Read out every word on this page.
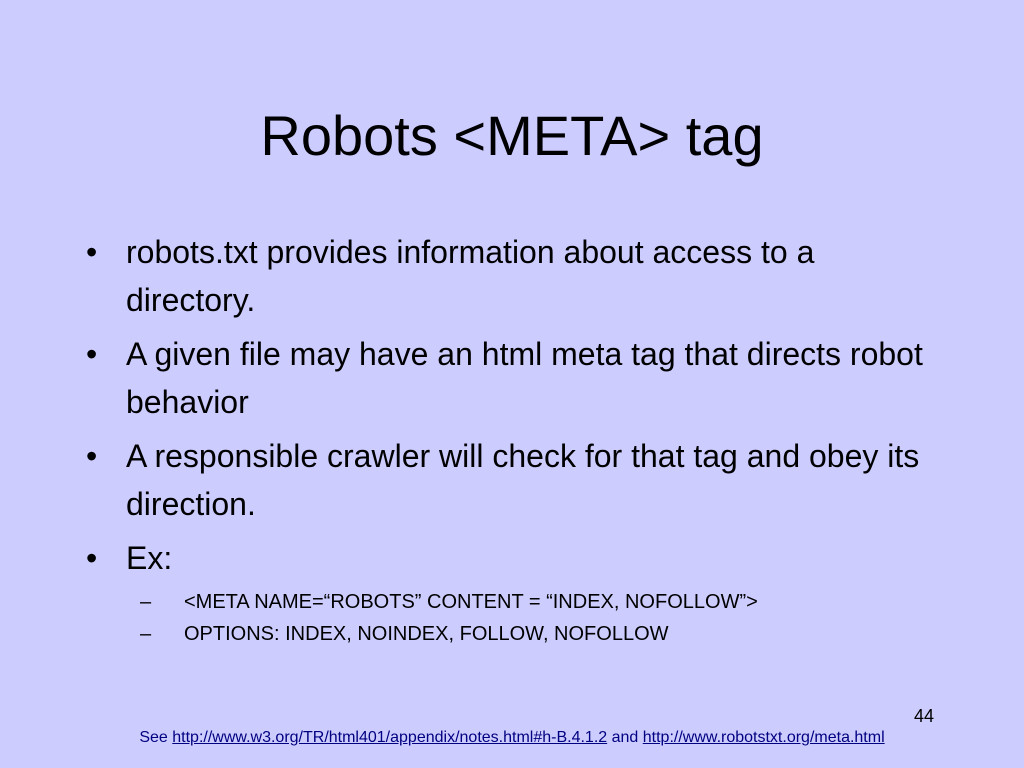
Robots <META> tag
• robots.txt provides information about access to a directory.
• A given file may have an html meta tag that directs robot behavior
• A responsible crawler will check for that tag and obey its direction.
• Ex:
– <META NAME=“ROBOTS” CONTENT = “INDEX, NOFOLLOW”>
– OPTIONS: INDEX, NOINDEX, FOLLOW, NOFOLLOW
44
See http://www.w3.org/TR/html401/appendix/notes.html#h-B.4.1.2 and http://www.robotstxt.org/meta.html
